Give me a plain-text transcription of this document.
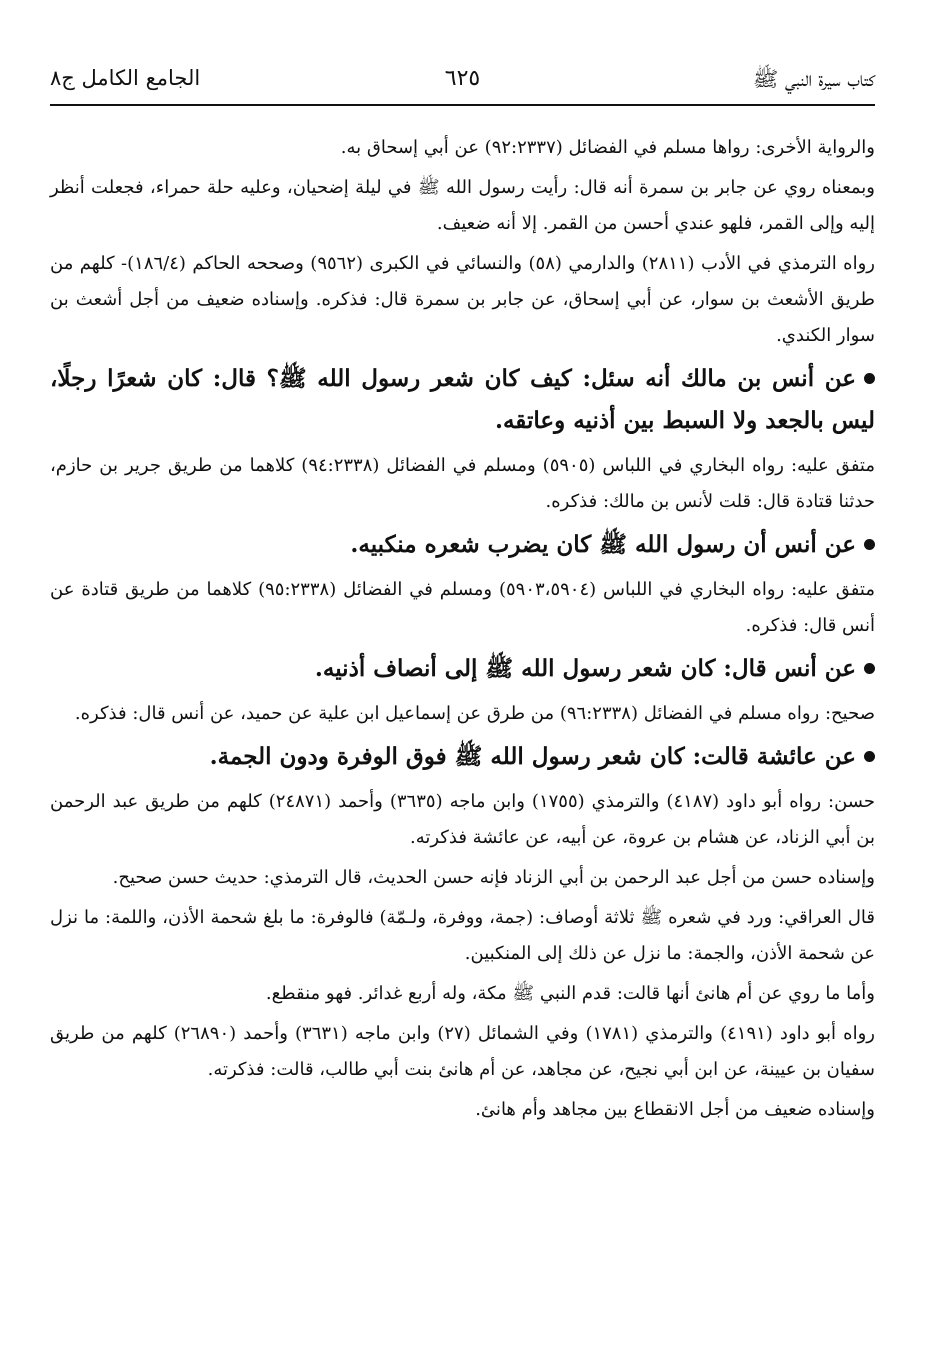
٦٢٥	كتاب سيرة النبي ﷺ
الجامع الكامل ج٨

والرواية الأخرى: رواها مسلم في الفضائل (٩٢:٢٣٣٧) عن أبي إسحاق به.

وبمعناه روي عن جابر بن سمرة أنه قال: رأيت رسول الله ﷺ في ليلة إضحيان، وعليه حلة حمراء، فجعلت أنظر إليه وإلى القمر، فلهو عندي أحسن من القمر. إلا أنه ضعيف.

رواه الترمذي في الأدب (٢٨١١) والدارمي (٥٨) والنسائي في الكبرى (٩٥٦٢) وصححه الحاكم (١٨٦/٤)- كلهم من طريق الأشعث بن سوار، عن أبي إسحاق، عن جابر بن سمرة قال: فذكره. وإسناده ضعيف من أجل أشعث بن سوار الكندي.

عن أنس بن مالك أنه سئل: كيف كان شعر رسول الله ﷺ؟ قال: كان شعرًا رجلًا، ليس بالجعد ولا السبط بين أذنيه وعاتقه.

متفق عليه: رواه البخاري في اللباس (٥٩٠٥) ومسلم في الفضائل (٩٤:٢٣٣٨) كلاهما من طريق جرير بن حازم، حدثنا قتادة قال: قلت لأنس بن مالك: فذكره.

عن أنس أن رسول الله ﷺ كان يضرب شعره منكبيه.

متفق عليه: رواه البخاري في اللباس (٥٩٠٣،٥٩٠٤) ومسلم في الفضائل (٩٥:٢٣٣٨) كلاهما من طريق قتادة عن أنس قال: فذكره.

عن أنس قال: كان شعر رسول الله ﷺ إلى أنصاف أذنيه.

صحيح: رواه مسلم في الفضائل (٩٦:٢٣٣٨) من طرق عن إسماعيل ابن علية عن حميد، عن أنس قال: فذكره.

عن عائشة قالت: كان شعر رسول الله ﷺ فوق الوفرة ودون الجمة.

حسن: رواه أبو داود (٤١٨٧) والترمذي (١٧٥٥) وابن ماجه (٣٦٣٥) وأحمد (٢٤٨٧١) كلهم من طريق عبد الرحمن بن أبي الزناد، عن هشام بن عروة، عن أبيه، عن عائشة فذكرته.

وإسناده حسن من أجل عبد الرحمن بن أبي الزناد فإنه حسن الحديث، قال الترمذي: حديث حسن صحيح.

قال العراقي: ورد في شعره ﷺ ثلاثة أوصاف: (جمة، ووفرة، ولـمّة) فالوفرة: ما بلغ شحمة الأذن، واللمة: ما نزل عن شحمة الأذن، والجمة: ما نزل عن ذلك إلى المنكبين.

وأما ما روي عن أم هانئ أنها قالت: قدم النبي ﷺ مكة، وله أربع غدائر. فهو منقطع.

رواه أبو داود (٤١٩١) والترمذي (١٧٨١) وفي الشمائل (٢٧) وابن ماجه (٣٦٣١) وأحمد (٢٦٨٩٠) كلهم من طريق سفيان بن عيينة، عن ابن أبي نجيح، عن مجاهد، عن أم هانئ بنت أبي طالب، قالت: فذكرته.

وإسناده ضعيف من أجل الانقطاع بين مجاهد وأم هانئ.
